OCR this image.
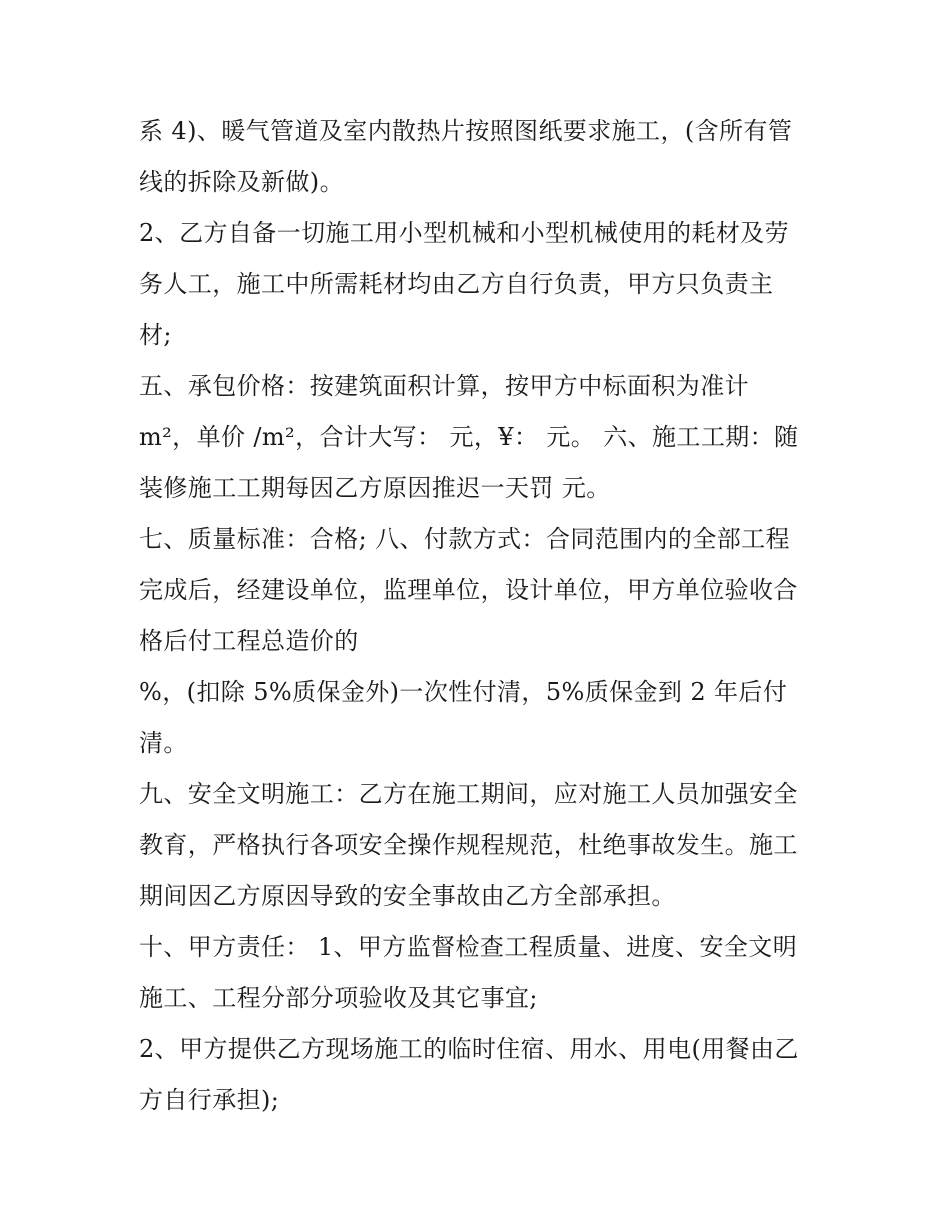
系 4)、暖气管道及室内散热片按照图纸要求施工，(含所有管

线的拆除及新做)。

2、乙方自备一切施工用小型机械和小型机械使用的耗材及劳

务人工，施工中所需耗材均由乙方自行负责，甲方只负责主

材;

五、承包价格：按建筑面积计算，按甲方中标面积为准计

m²，单价 /m²，合计大写： 元，¥： 元。 六、施工工期：随

装修施工工期每因乙方原因推迟一天罚 元。

七、质量标准：合格; 八、付款方式：合同范围内的全部工程

完成后，经建设单位，监理单位，设计单位，甲方单位验收合

格后付工程总造价的

%，(扣除 5%质保金外)一次性付清，5%质保金到 2 年后付

清。

九、安全文明施工：乙方在施工期间，应对施工人员加强安全

教育，严格执行各项安全操作规程规范，杜绝事故发生。施工

期间因乙方原因导致的安全事故由乙方全部承担。

十、甲方责任： 1、甲方监督检查工程质量、进度、安全文明

施工、工程分部分项验收及其它事宜;

2、甲方提供乙方现场施工的临时住宿、用水、用电(用餐由乙

方自行承担);
